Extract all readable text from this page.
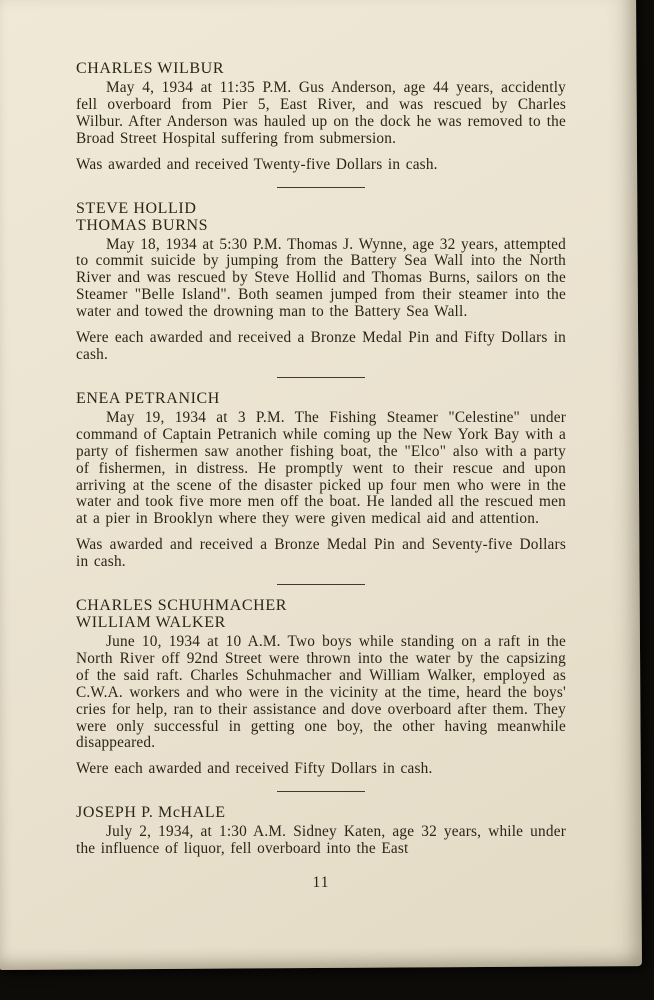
CHARLES WILBUR

May 4, 1934 at 11:35 P.M. Gus Anderson, age 44 years, accidently fell overboard from Pier 5, East River, and was rescued by Charles Wilbur. After Anderson was hauled up on the dock he was removed to the Broad Street Hospital suffering from submersion.

Was awarded and received Twenty-five Dollars in cash.

STEVE HOLLID
THOMAS BURNS

May 18, 1934 at 5:30 P.M. Thomas J. Wynne, age 32 years, attempted to commit suicide by jumping from the Battery Sea Wall into the North River and was rescued by Steve Hollid and Thomas Burns, sailors on the Steamer "Belle Island". Both seamen jumped from their steamer into the water and towed the drowning man to the Battery Sea Wall.

Were each awarded and received a Bronze Medal Pin and Fifty Dollars in cash.

ENEA PETRANICH

May 19, 1934 at 3 P.M. The Fishing Steamer "Celestine" under command of Captain Petranich while coming up the New York Bay with a party of fishermen saw another fishing boat, the "Elco" also with a party of fishermen, in distress. He promptly went to their rescue and upon arriving at the scene of the disaster picked up four men who were in the water and took five more men off the boat. He landed all the rescued men at a pier in Brooklyn where they were given medical aid and attention.

Was awarded and received a Bronze Medal Pin and Seventy-five Dollars in cash.

CHARLES SCHUHMACHER
WILLIAM WALKER

June 10, 1934 at 10 A.M. Two boys while standing on a raft in the North River off 92nd Street were thrown into the water by the capsizing of the said raft. Charles Schuhmacher and William Walker, employed as C.W.A. workers and who were in the vicinity at the time, heard the boys' cries for help, ran to their assistance and dove overboard after them. They were only successful in getting one boy, the other having meanwhile disappeared.

Were each awarded and received Fifty Dollars in cash.

JOSEPH P. McHALE

July 2, 1934, at 1:30 A.M. Sidney Katen, age 32 years, while under the influence of liquor, fell overboard into the East

11
